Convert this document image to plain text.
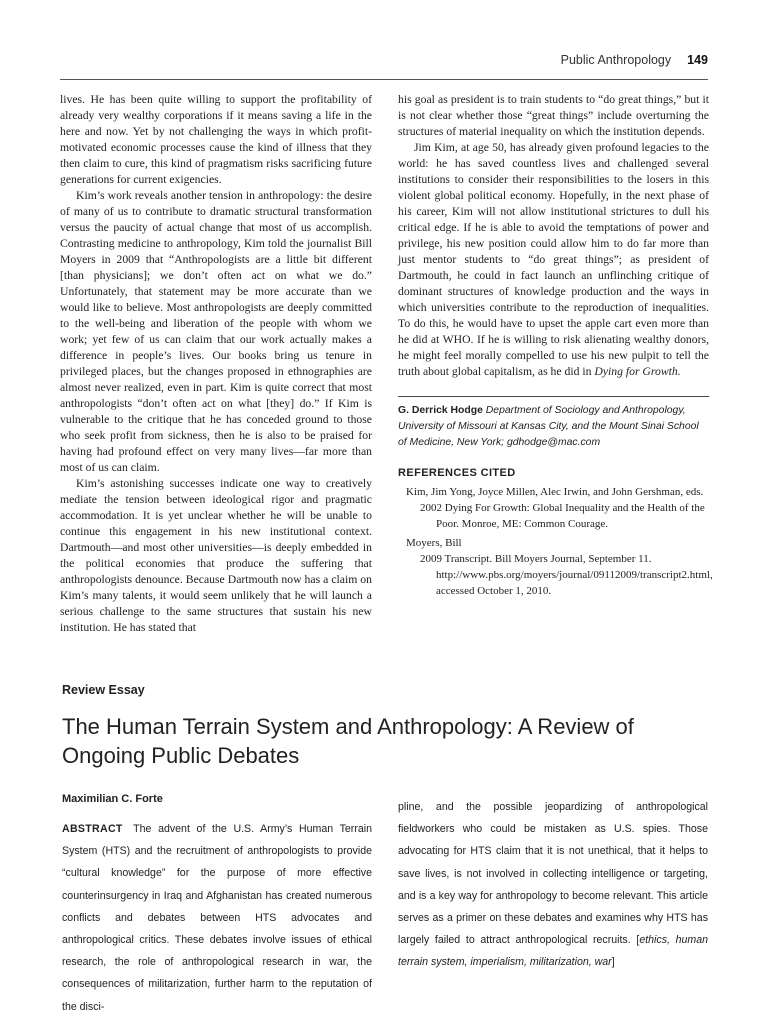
Public Anthropology 149

lives. He has been quite willing to support the profitability of already very wealthy corporations if it means saving a life in the here and now. Yet by not challenging the ways in which profit-motivated economic processes cause the kind of illness that they then claim to cure, this kind of pragmatism risks sacrificing future generations for current exigencies.

Kim’s work reveals another tension in anthropology: the desire of many of us to contribute to dramatic structural transformation versus the paucity of actual change that most of us accomplish. Contrasting medicine to anthropology, Kim told the journalist Bill Moyers in 2009 that “Anthropologists are a little bit different [than physicians]; we don’t often act on what we do.” Unfortunately, that statement may be more accurate than we would like to believe. Most anthropologists are deeply committed to the well-being and liberation of the people with whom we work; yet few of us can claim that our work actually makes a difference in people’s lives. Our books bring us tenure in privileged places, but the changes proposed in ethnographies are almost never realized, even in part. Kim is quite correct that most anthropologists “don’t often act on what [they] do.” If Kim is vulnerable to the critique that he has conceded ground to those who seek profit from sickness, then he is also to be praised for having had profound effect on very many lives—far more than most of us can claim.

Kim’s astonishing successes indicate one way to creatively mediate the tension between ideological rigor and pragmatic accommodation. It is yet unclear whether he will be unable to continue this engagement in his new institutional context. Dartmouth—and most other universities—is deeply embedded in the political economies that produce the suffering that anthropologists denounce. Because Dartmouth now has a claim on Kim’s many talents, it would seem unlikely that he will launch a serious challenge to the same structures that sustain his new institution. He has stated that

his goal as president is to train students to “do great things,” but it is not clear whether those “great things” include overturning the structures of material inequality on which the institution depends.

Jim Kim, at age 50, has already given profound legacies to the world: he has saved countless lives and challenged several institutions to consider their responsibilities to the losers in this violent global political economy. Hopefully, in the next phase of his career, Kim will not allow institutional strictures to dull his critical edge. If he is able to avoid the temptations of power and privilege, his new position could allow him to do far more than just mentor students to “do great things”; as president of Dartmouth, he could in fact launch an unflinching critique of dominant structures of knowledge production and the ways in which universities contribute to the reproduction of inequalities. To do this, he would have to upset the apple cart even more than he did at WHO. If he is willing to risk alienating wealthy donors, he might feel morally compelled to use his new pulpit to tell the truth about global capitalism, as he did in Dying for Growth.

G. Derrick Hodge Department of Sociology and Anthropology, University of Missouri at Kansas City, and the Mount Sinai School of Medicine, New York; gdhodge@mac.com
REFERENCES CITED
Kim, Jim Yong, Joyce Millen, Alec Irwin, and John Gershman, eds.
2002 Dying For Growth: Global Inequality and the Health of the Poor. Monroe, ME: Common Courage.
Moyers, Bill
2009 Transcript. Bill Moyers Journal, September 11. http://www.pbs.org/moyers/journal/09112009/transcript2.html, accessed October 1, 2010.
Review Essay
The Human Terrain System and Anthropology: A Review of Ongoing Public Debates
Maximilian C. Forte
ABSTRACT The advent of the U.S. Army’s Human Terrain System (HTS) and the recruitment of anthropologists to provide “cultural knowledge” for the purpose of more effective counterinsurgency in Iraq and Afghanistan has created numerous conflicts and debates between HTS advocates and anthropological critics. These debates involve issues of ethical research, the role of anthropological research in war, the consequences of militarization, further harm to the reputation of the disci-
pline, and the possible jeopardizing of anthropological fieldworkers who could be mistaken as U.S. spies. Those advocating for HTS claim that it is not unethical, that it helps to save lives, is not involved in collecting intelligence or targeting, and is a key way for anthropology to become relevant. This article serves as a primer on these debates and examines why HTS has largely failed to attract anthropological recruits. [ethics, human terrain system, imperialism, militarization, war]
